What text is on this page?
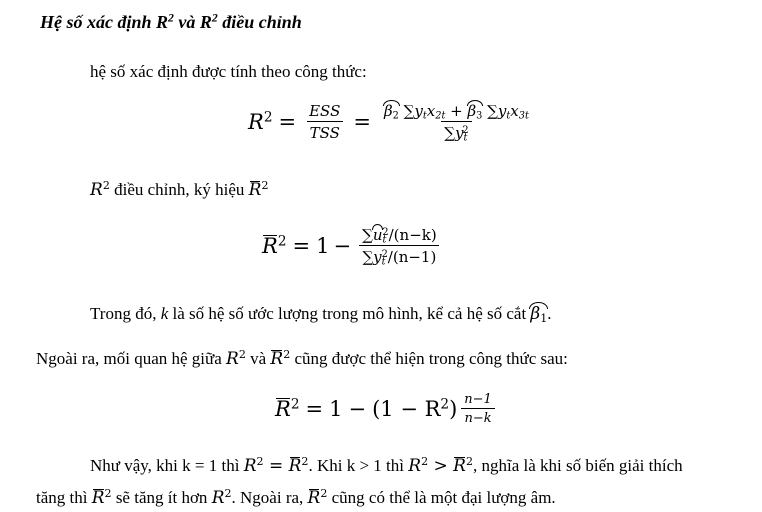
Hệ số xác định $R^2$ và $R^2$ điều chỉnh
hệ số xác định được tính theo công thức:
$R^2 = \frac{\text{ESS}}{\text{TSS}} = \frac{\beta_2 \sum y_tx_{2t} + \beta_3 \sum y_tx_{3t}}{\sum y_t^2}$
$R^2$ điều chỉnh, ký hiệu $R^2$
$R^2 = 1 - \frac{\sum u_t^2/(n-k)}{\sum y_t^2/(n-1)}$
Trong đó, k là số hệ số ước lượng trong mô hình, kể cả hệ số cắt $\beta_1$.
Ngoài ra, mối quan hệ giữa $R^2$ và $R^2$ cũng được thể hiện trong công thức sau:
$R^2 = 1 - (1 - R^2) \frac{n-1}{n-k}$
Như vậy, khi k = 1 thì $R^2 = R^2$. Khi k > 1 thì $R^2 > R^2$, nghĩa là khi số biến giải thích
tăng thì $R^2$ sẽ tăng ít hơn $R^2$. Ngoài ra, $R^2$ cũng có thể là một đại lượng âm.
